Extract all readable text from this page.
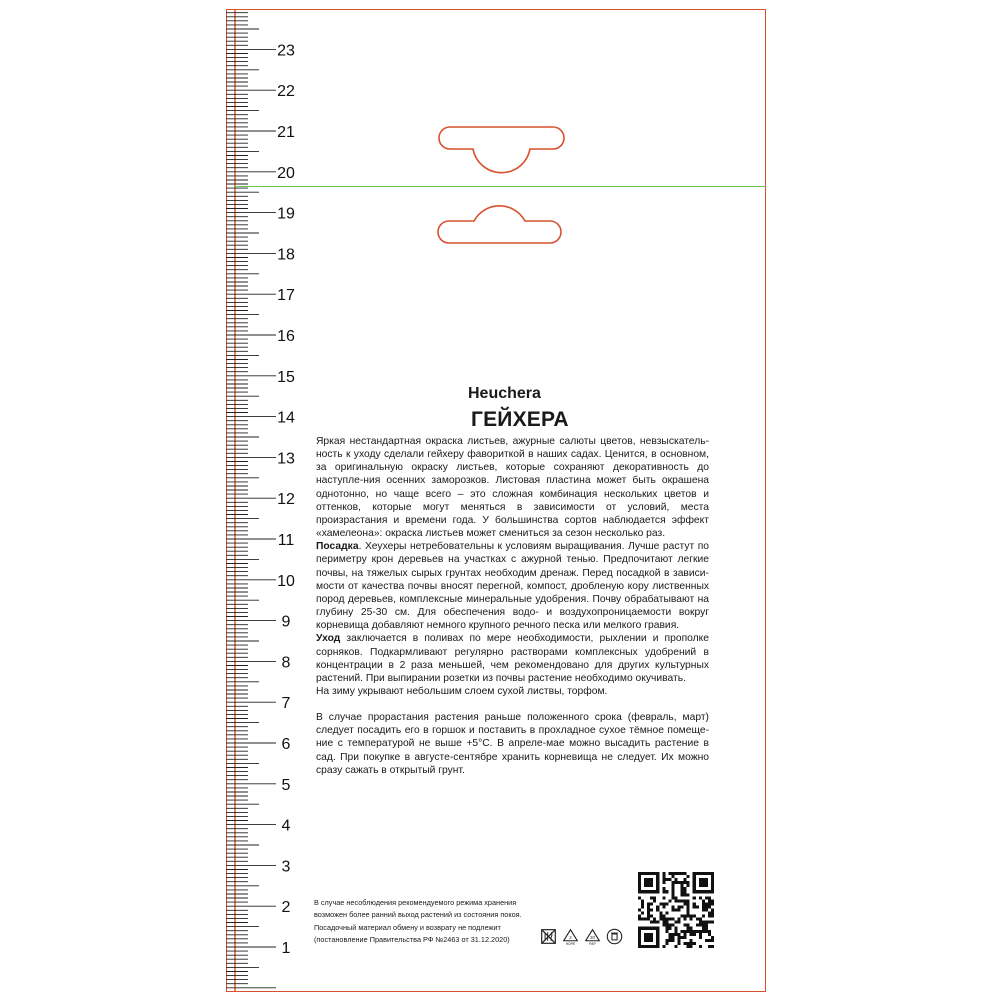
23
22
21
20
19
18
17
16
15
14
13
12
11
10
9
8
7
6
5
4
3
2
1
Heuchera
ГЕЙХЕРА

Яркая нестандартная окраска листьев, ажурные салюты цветов, невзыскатель-ность к уходу сделали гейхеру фавориткой в наших садах. Ценится, в основном, за оригинальную окраску листьев, которые сохраняют декоративность до наступле-ния осенних заморозков. Листовая пластина может быть окрашена однотонно, но чаще всего – это сложная комбинация нескольких цветов и оттенков, которые могут меняться в зависимости от условий, места произрастания и времени года. У большинства сортов наблюдается эффект «хамелеона»: окраска листьев может смениться за сезон несколько раз.

Посадка. Хеухеры нетребовательны к условиям выращивания. Лучше растут по периметру крон деревьев на участках с ажурной тенью. Предпочитают легкие почвы, на тяжелых сырых грунтах необходим дренаж. Перед посадкой в зависи-мости от качества почвы вносят перегной, компост, дробленую кору лиственных пород деревьев, комплексные минеральные удобрения. Почву обрабатывают на глубину 25-30 см. Для обеспечения водо- и воздухопроницаемости вокруг корневища добавляют немного крупного речного песка или мелкого гравия.

Уход заключается в поливах по мере необходимости, рыхлении и прополке сорняков. Подкармливают регулярно растворами комплексных удобрений в концентрации в 2 раза меньшей, чем рекомендовано для других культурных растений. При выпирании розетки из почвы растение необходимо окучивать.

На зиму укрывают небольшим слоем сухой листвы, торфом.

В случае прорастания растения раньше положенного срока (февраль, март) следует посадить его в горшок и поставить в прохладное сухое тёмное помеще-ние с температурой не выше +5°С. В апреле-мае можно высадить растение в сад. При покупке в августе-сентябре хранить корневища не следует. Их можно сразу сажать в открытый грунт.

В случае несоблюдения рекомендуемого режима хранения
возможен более ранний выход растений из состояния покоя.
Посадочный материал обмену и возврату не подлежит
(постановление Правительства РФ №2463 от 31.12.2020)	2
HDPE
20
PAP
